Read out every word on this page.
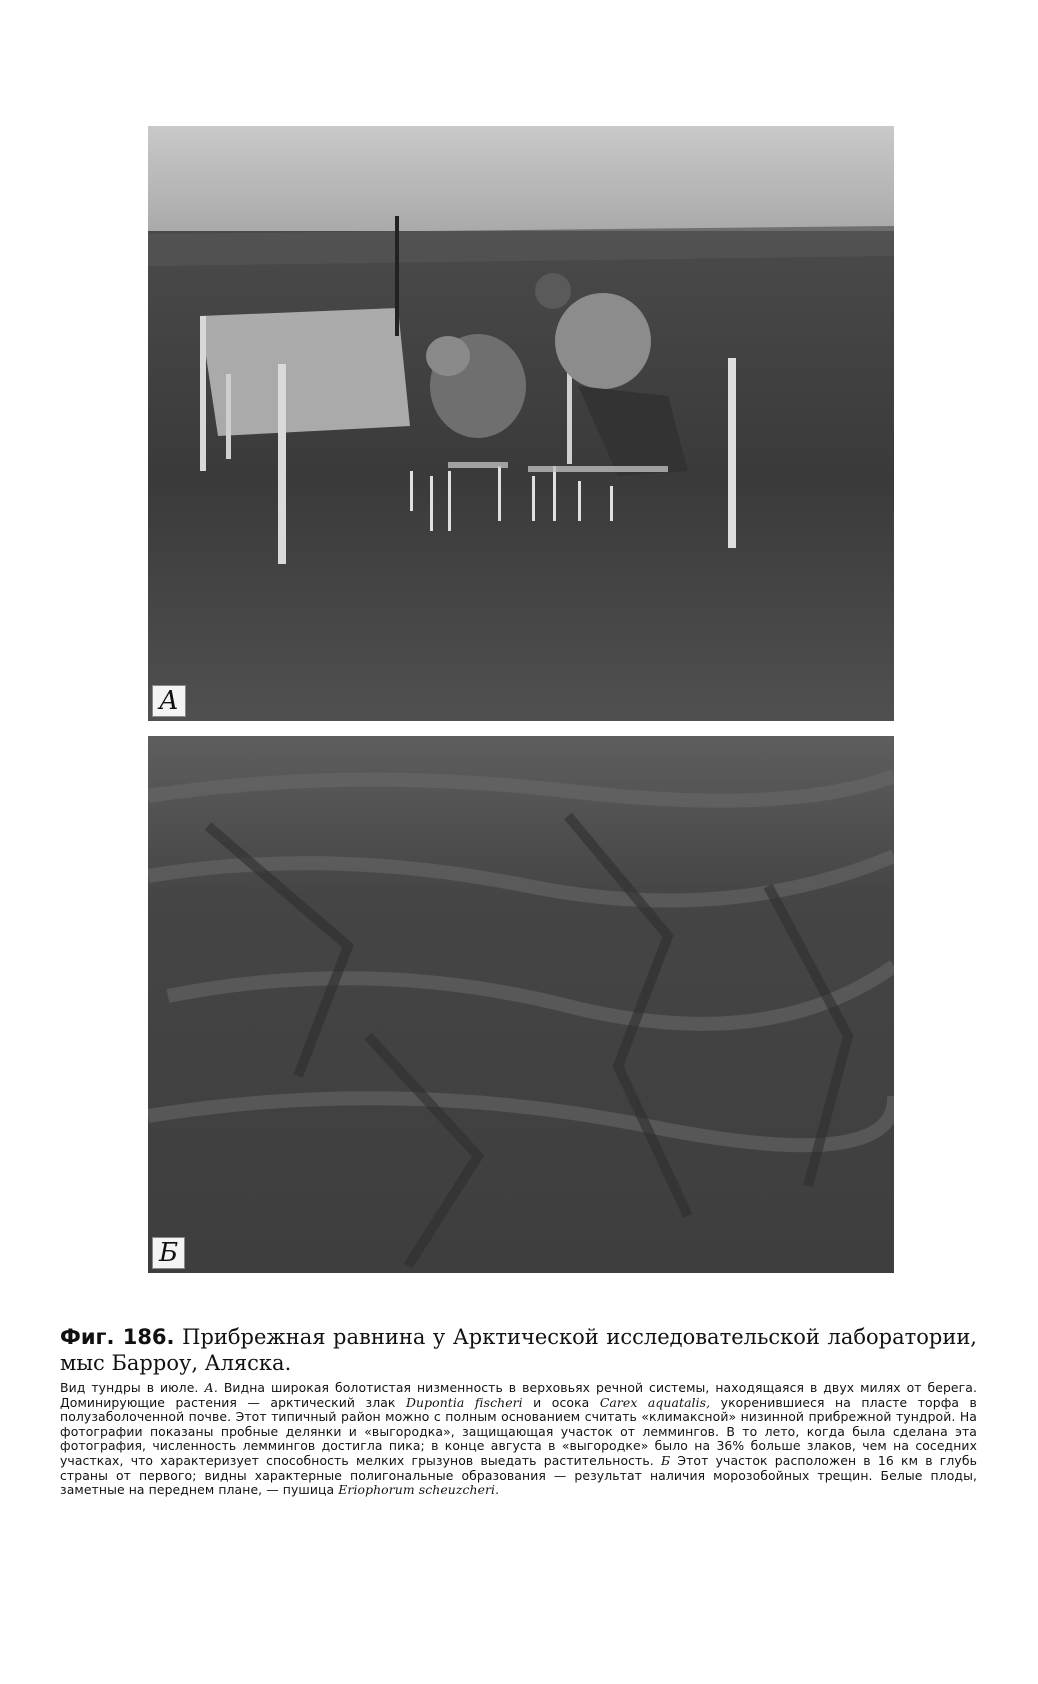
А
Б
Фиг. 186. Прибрежная равнина у Арктической исследовательской лаборатории, мыс Барроу, Аляска.
Вид тундры в июле. А. Видна широкая болотистая низменность в верховьях речной системы, находящаяся в двух милях от берега. Доминирующие растения — арктический злак Dupontia fischeri и осока Carex aquatalis, укоренившиеся на пласте торфа в полузаболоченной почве. Этот типичный район можно с полным основанием считать «климаксной» низинной прибрежной тундрой. На фотографии показаны пробные делянки и «выгородка», защищающая участок от леммингов. В то лето, когда была сделана эта фотография, численность леммингов достигла пика; в конце августа в «выгородке» было на 36% больше злаков, чем на соседних участках, что характеризует способность мелких грызунов выедать растительность. Б Этот участок расположен в 16 км в глубь страны от первого; видны характерные полигональные образования — результат наличия морозобойных трещин. Белые плоды, заметные на переднем плане, — пушица Eriophorum scheuzcheri.
